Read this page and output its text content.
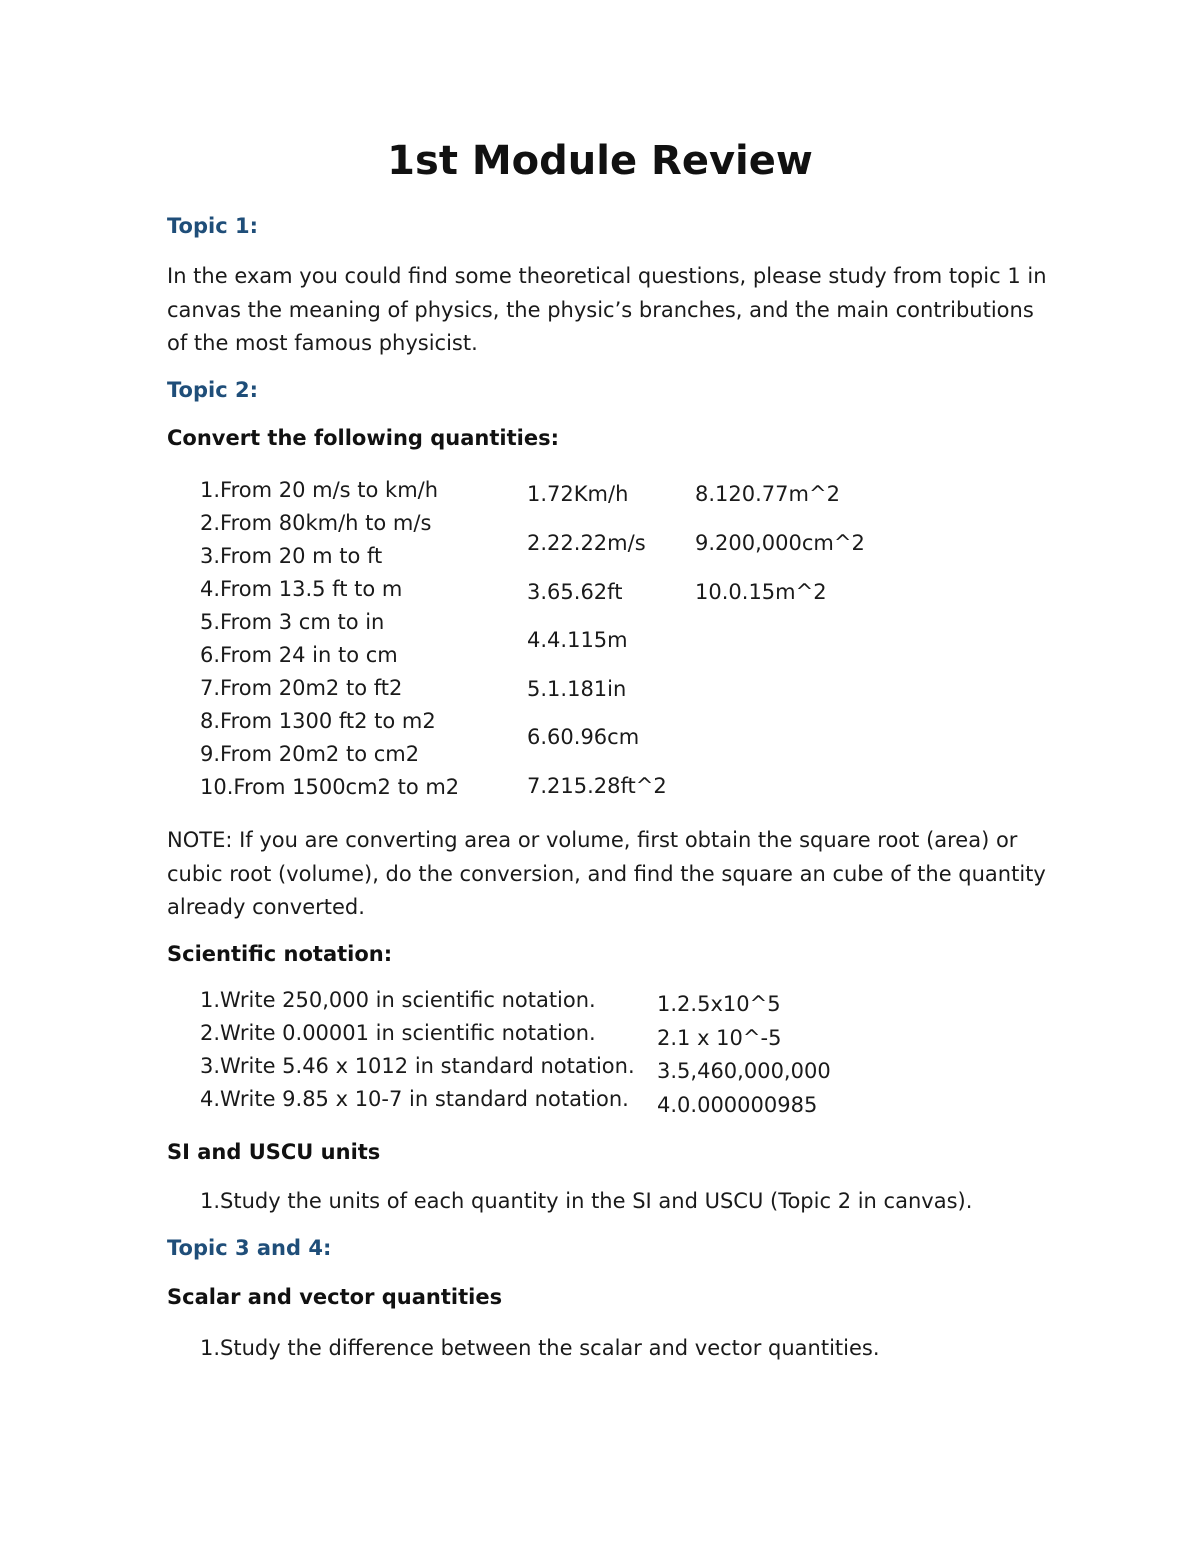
1st Module Review
Topic 1:
In the exam you could find some theoretical questions, please study from topic 1 in canvas the meaning of physics, the physic’s branches, and the main contributions of the most famous physicist.
Topic 2:
Convert the following quantities:
1.From 20 m/s to km/h
2.From 80km/h to m/s
3.From 20 m to ft
4.From 13.5 ft to m
5.From 3 cm to in
6.From 24 in to cm
7.From 20m2 to ft2
8.From 1300 ft2 to m2
9.From 20m2 to cm2
10.From 1500cm2 to m2
1.72Km/h
2.22.22m/s
3.65.62ft
4.4.115m
5.1.181in
6.60.96cm
7.215.28ft^2
8.120.77m^2
9.200,000cm^2
10.0.15m^2
NOTE: If you are converting area or volume, first obtain the square root (area) or cubic root (volume), do the conversion, and find the square an cube of the quantity already converted.
Scientific notation:
1.Write 250,000 in scientific notation.
2.Write 0.00001 in scientific notation.
3.Write 5.46 x 1012 in standard notation.
4.Write 9.85 x 10-7 in standard notation.
1.2.5x10^5
2.1 x 10^-5
3.5,460,000,000
4.0.000000985
SI and USCU units
1.Study the units of each quantity in the SI and USCU (Topic 2 in canvas).
Topic 3 and 4:
Scalar and vector quantities
1.Study the difference between the scalar and vector quantities.
